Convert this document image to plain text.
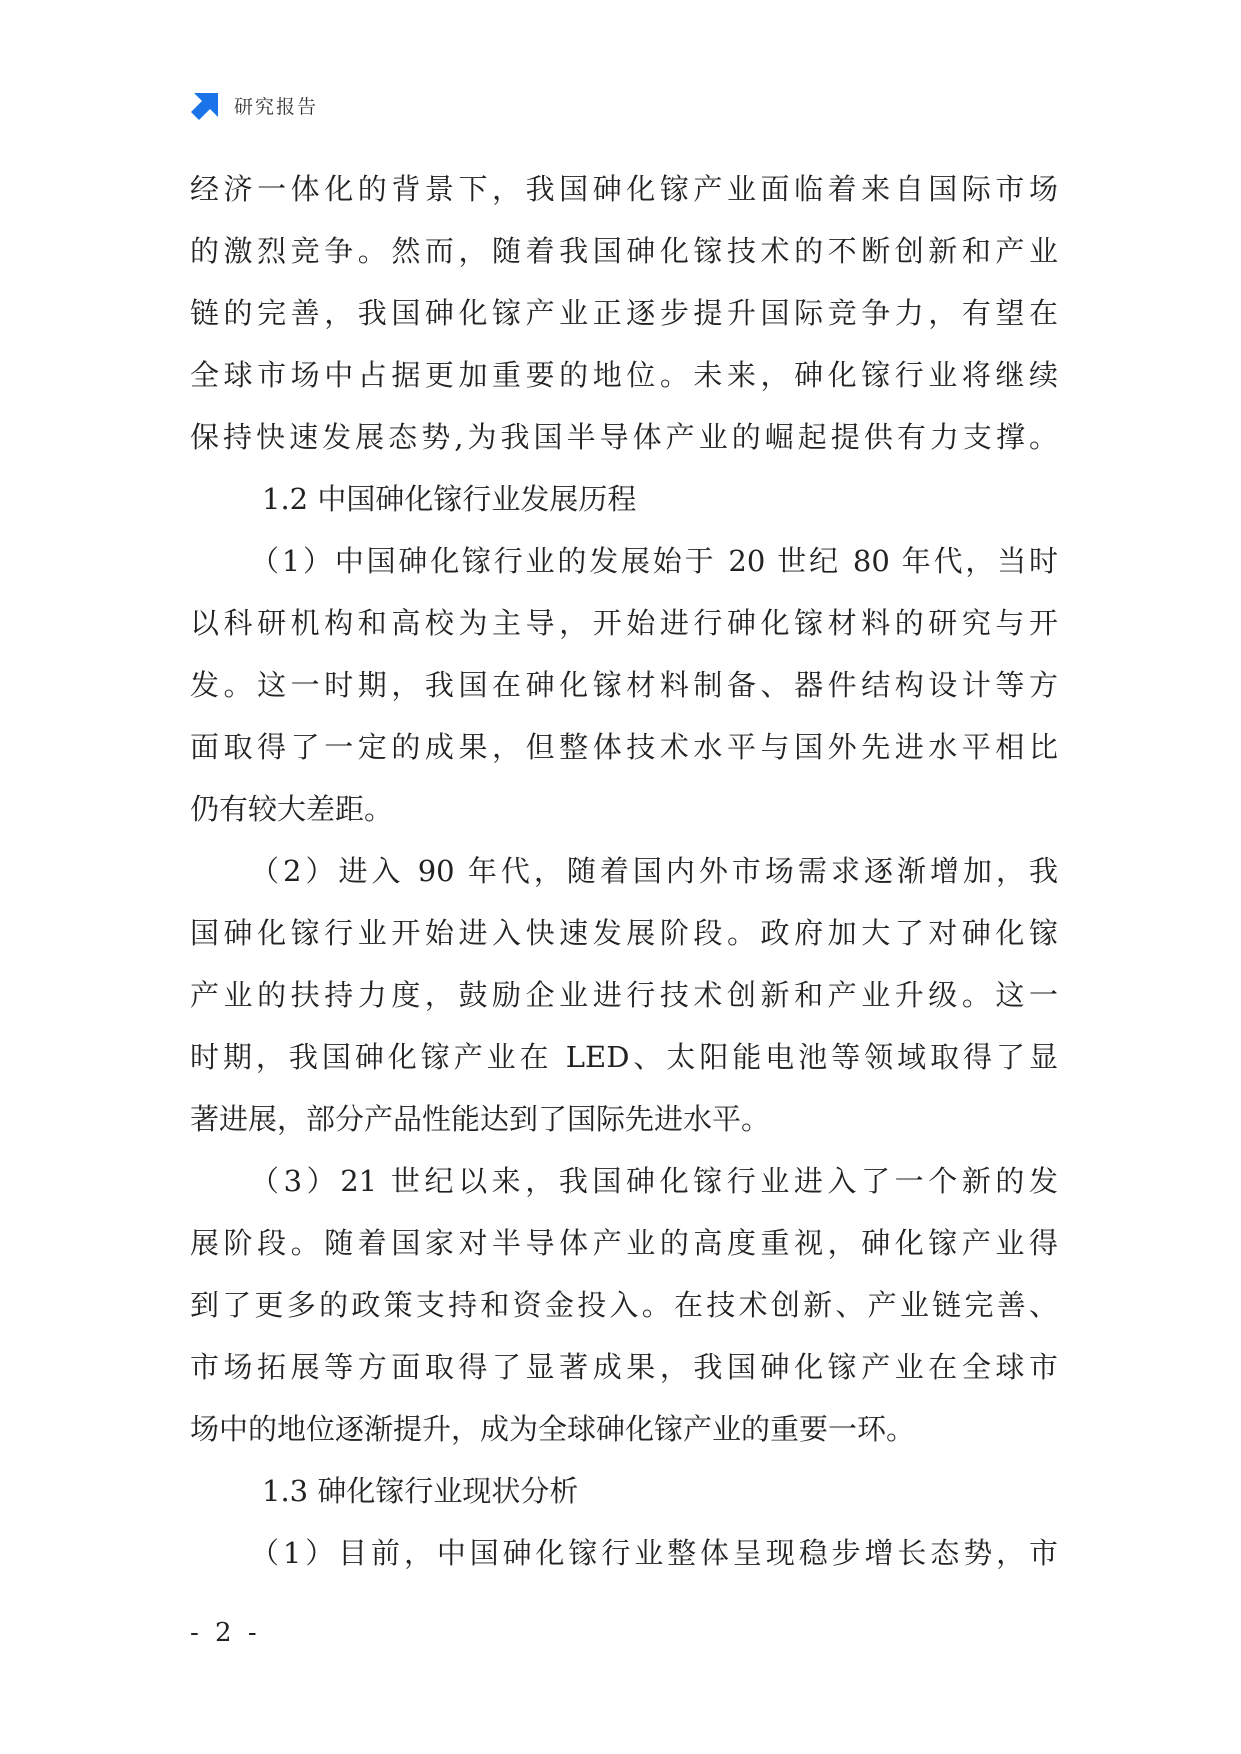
研究报告
经济一体化的背景下，我国砷化镓产业面临着来自国际市场
的激烈竞争。然而，随着我国砷化镓技术的不断创新和产业
链的完善，我国砷化镓产业正逐步提升国际竞争力，有望在
全球市场中占据更加重要的地位。未来，砷化镓行业将继续
保持快速发展态势,为我国半导体产业的崛起提供有力支撑。
1.2 中国砷化镓行业发展历程
（1）中国砷化镓行业的发展始于 20 世纪 80 年代，当时
以科研机构和高校为主导，开始进行砷化镓材料的研究与开
发。这一时期，我国在砷化镓材料制备、器件结构设计等方
面取得了一定的成果，但整体技术水平与国外先进水平相比
仍有较大差距。
（2）进入 90 年代，随着国内外市场需求逐渐增加，我
国砷化镓行业开始进入快速发展阶段。政府加大了对砷化镓
产业的扶持力度，鼓励企业进行技术创新和产业升级。这一
时期，我国砷化镓产业在 LED、太阳能电池等领域取得了显
著进展，部分产品性能达到了国际先进水平。
（3）21 世纪以来，我国砷化镓行业进入了一个新的发
展阶段。随着国家对半导体产业的高度重视，砷化镓产业得
到了更多的政策支持和资金投入。在技术创新、产业链完善、
市场拓展等方面取得了显著成果，我国砷化镓产业在全球市
场中的地位逐渐提升，成为全球砷化镓产业的重要一环。
1.3 砷化镓行业现状分析
（1）目前，中国砷化镓行业整体呈现稳步增长态势，市
- 2 -
